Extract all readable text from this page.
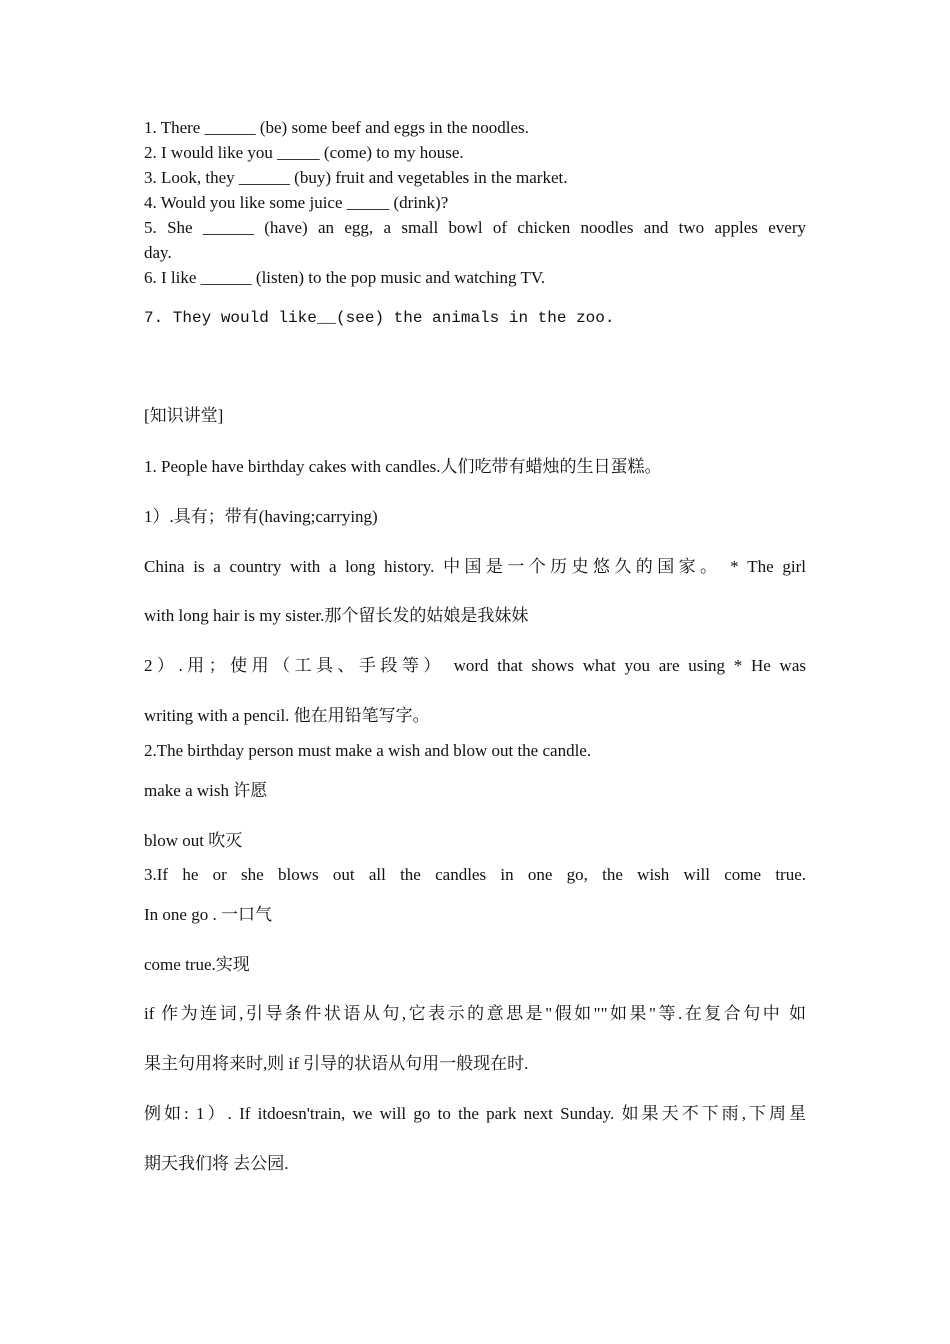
1. There ______ (be) some beef and eggs in the noodles.
2. I would like you _____ (come) to my house.
3. Look, they ______ (buy) fruit and vegetables in the market.
4. Would you like some juice _____ (drink)?
5. She ______ (have) an egg, a small bowl of chicken noodles and two apples every
day.
6. I like ______ (listen) to the pop music and watching TV.
7. They would like__(see) the animals in the zoo.
[知识讲堂]
1. People have birthday cakes with candles.人们吃带有蜡烛的生日蛋糕。
1）.具有；带有(having;carrying)
China is a country with a long history. 中国是一个历史悠久的国家。 * The girl
with long hair is my sister.那个留长发的姑娘是我妹妹
2）.用；使用（工具、手段等） word that shows what you are using * He was
writing with a pencil. 他在用铅笔写字。
2.The birthday person must make a wish and blow out the candle.
make a wish 许愿
blow out 吹灭
3.If he or she blows out all the candles in one go, the wish will come true.
In one go . 一口气
come true.实现
if 作为连词,引导条件状语从句,它表示的意思是"假如""如果"等.在复合句中 如
果主句用将来时,则 if 引导的状语从句用一般现在时.
例如: 1）. If itdoesn'train, we will go to the park next Sunday. 如果天不下雨,下周星
期天我们将 去公园.
